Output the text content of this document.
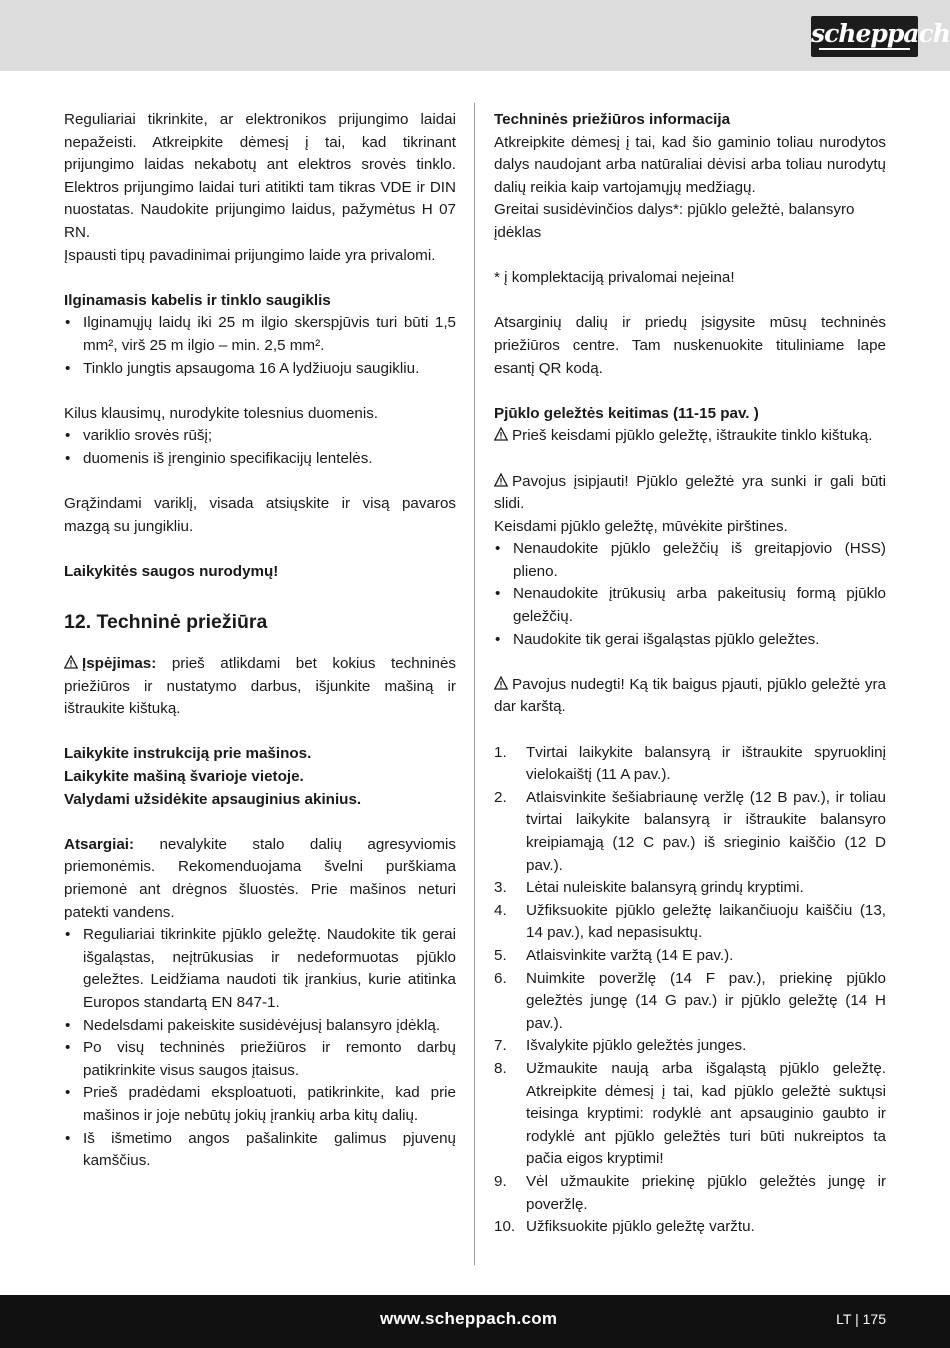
scheppach

Reguliariai tikrinkite, ar elektronikos prijungimo laidai nepažeisti. Atkreipkite dėmesį į tai, kad tikrinant prijungimo laidas nekabotų ant elektros srovės tinklo. Elektros prijungimo laidai turi atitikti tam tikras VDE ir DIN nuostatas. Naudokite prijungimo laidus, pažymėtus H 07 RN.

Įspausti tipų pavadinimai prijungimo laide yra privalomi.

Ilginamasis kabelis ir tinklo saugiklis

• Ilginamųjų laidų iki 25 m ilgio skerspjūvis turi būti 1,5 mm², virš 25 m ilgio – min. 2,5 mm².
• Tinklo jungtis apsaugoma 16 A lydžiuoju saugikliu.

Kilus klausimų, nurodykite tolesnius duomenis.

• variklio srovės rūšį;
• duomenis iš įrenginio specifikacijų lentelės.

Grąžindami variklį, visada atsiųskite ir visą pavaros mazgą su jungikliu.

Laikykitės saugos nurodymų!

12. Techninė priežiūra

Įspėjimas: prieš atlikdami bet kokius techninės priežiūros ir nustatymo darbus, išjunkite mašiną ir ištraukite kištuką.

Laikykite instrukciją prie mašinos.

Laikykite mašiną švarioje vietoje.

Valydami užsidėkite apsauginius akinius.

Atsargiai: nevalykite stalo dalių agresyviomis priemonėmis. Rekomenduojama švelni purškiama priemonė ant drėgnos šluostės. Prie mašinos neturi patekti vandens.

• Reguliariai tikrinkite pjūklo geležtę. Naudokite tik gerai išgaląstas, neįtrūkusias ir nedeformuotas pjūklo geležtes. Leidžiama naudoti tik įrankius, kurie atitinka Europos standartą EN 847-1.
• Nedelsdami pakeiskite susidėvėjusį balansyro įdėklą.
• Po visų techninės priežiūros ir remonto darbų patikrinkite visus saugos įtaisus.
• Prieš pradėdami eksploatuoti, patikrinkite, kad prie mašinos ir joje nebūtų jokių įrankių arba kitų dalių.
• Iš išmetimo angos pašalinkite galimus pjuvenų kamščius.

Techninės priežiūros informacija

Atkreipkite dėmesį į tai, kad šio gaminio toliau nurodytos dalys naudojant arba natūraliai dėvisi arba toliau nurodytų dalių reikia kaip vartojamųjų medžiagų.

Greitai susidėvinčios dalys*: pjūklo geležtė, balansyro įdėklas

* į komplektaciją privalomai neįeina!

Atsarginių dalių ir priedų įsigysite mūsų techninės priežiūros centre. Tam nuskenuokite tituliniame lape esantį QR kodą.

Pjūklo geležtės keitimas (11-15 pav. )

Prieš keisdami pjūklo geležtę, ištraukite tinklo kištuką.

Pavojus įsipjauti! Pjūklo geležtė yra sunki ir gali būti slidi.

Keisdami pjūklo geležtę, mūvėkite pirštines.

• Nenaudokite pjūklo geležčių iš greitapjovio (HSS) plieno.
• Nenaudokite įtrūkusių arba pakeitusių formą pjūklo geležčių.
• Naudokite tik gerai išgaląstas pjūklo geležtes.

Pavojus nudegti! Ką tik baigus pjauti, pjūklo geležtė yra dar karštą.

1. Tvirtai laikykite balansyrą ir ištraukite spyruoklinį vielokaištį (11 A pav.).
2. Atlaisvinkite šešiabriaunę veržlę (12 B pav.), ir toliau tvirtai laikykite balansyrą ir ištraukite balansyro kreipiamąją (12 C pav.) iš srieginio kaiščio (12 D pav.).
3. Lėtai nuleiskite balansyrą grindų kryptimi.
4. Užfiksuokite pjūklo geležtę laikančiuoju kaiščiu (13, 14 pav.), kad nepasisuktų.
5. Atlaisvinkite varžtą (14 E pav.).
6. Nuimkite poveržlę (14 F pav.), priekinę pjūklo geležtės jungę (14 G pav.) ir pjūklo geležtę (14 H pav.).
7. Išvalykite pjūklo geležtės junges.
8. Užmaukite naują arba išgaląstą pjūklo geležtę. Atkreipkite dėmesį į tai, kad pjūklo geležtė suktųsi teisinga kryptimi: rodyklė ant apsauginio gaubto ir rodyklė ant pjūklo geležtės turi būti nukreiptos ta pačia eigos kryptimi!
9. Vėl užmaukite priekinę pjūklo geležtės jungę ir poveržlę.
10. Užfiksuokite pjūklo geležtę varžtu.
www.scheppach.com	LT | 175
